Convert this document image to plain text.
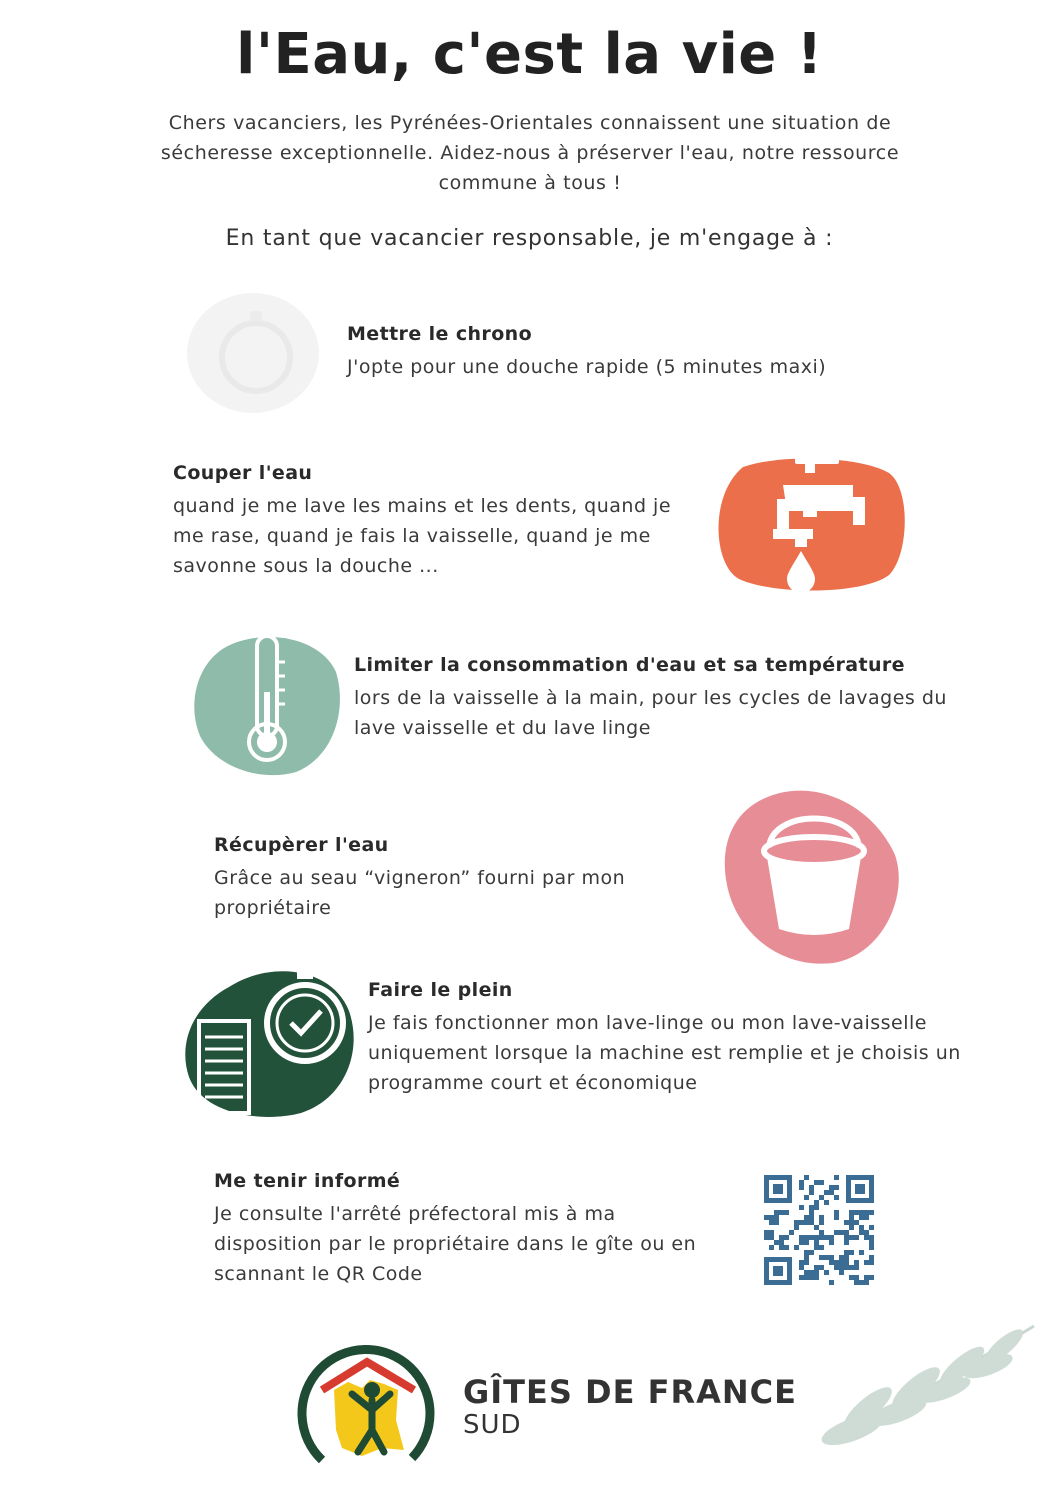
l'Eau, c'est la vie !
Chers vacanciers, les Pyrénées-Orientales connaissent une situation de sécheresse exceptionnelle. Aidez-nous à préserver l'eau, notre ressource commune à tous !
En tant que vacancier responsable, je m'engage à :
Mettre le chrono
J'opte pour une douche rapide (5 minutes maxi)
Couper l'eau
quand je me lave les mains et les dents, quand je me rase, quand je fais la vaisselle, quand je me savonne sous la douche ...
Limiter la consommation d'eau et sa température
lors de la vaisselle à la main, pour les cycles de lavages du lave vaisselle et du lave linge
Récupèrer l'eau
Grâce au seau “vigneron” fourni par mon propriétaire
Faire le plein
Je fais fonctionner mon lave-linge ou mon lave-vaisselle uniquement lorsque la machine est remplie et je choisis un programme court et économique
Me tenir informé
Je consulte l'arrêté préfectoral mis à ma disposition par le propriétaire dans le gîte ou en scannant le QR Code
GÎTES DE FRANCE
SUD
